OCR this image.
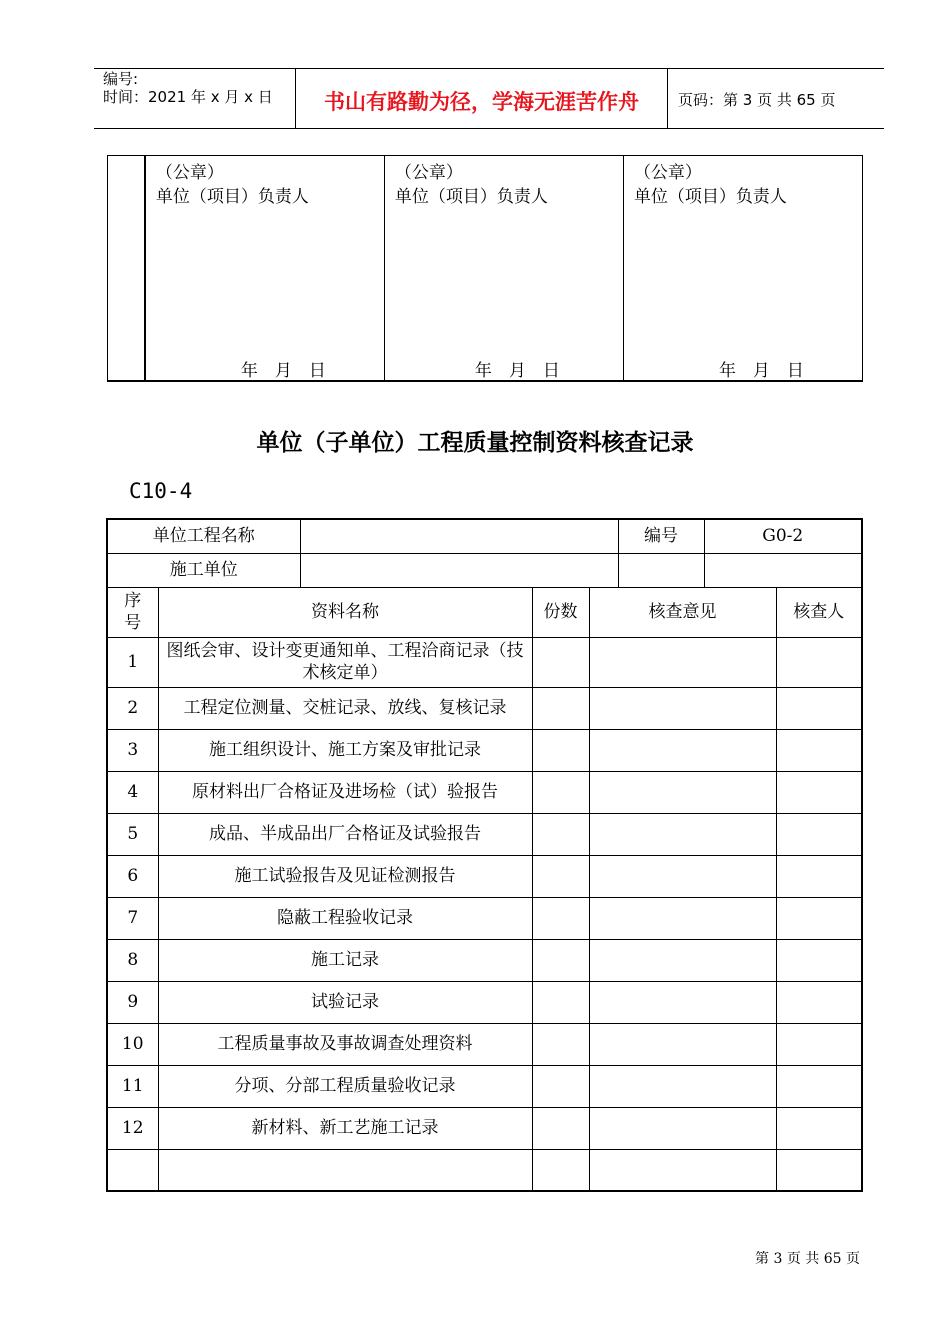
编号:
时间：2021 年 x 月 x 日	书山有路勤为径，学海无涯苦作舟	页码：第 3 页 共 65 页

（公章）
单位（项目）负责人
年　月　日

（公章）
单位（项目）负责人
年　月　日

（公章）
单位（项目）负责人
年　月　日
单位（子单位）工程质量控制资料核查记录
C10-4
单位工程名称					编号	G0-2	
施工单位							
序号	资料名称		份数	核查意见			核查人
1	图纸会审、设计变更通知单、工程洽商记录（技术核定单）						
2	工程定位测量、交桩记录、放线、复核记录						
3	施工组织设计、施工方案及审批记录						
4	原材料出厂合格证及进场检（试）验报告						
5	成品、半成品出厂合格证及试验报告						
6	施工试验报告及见证检测报告						
7	隐蔽工程验收记录						
8	施工记录						
9	试验记录						
10	工程质量事故及事故调查处理资料						
11	分项、分部工程质量验收记录						
12	新材料、新工艺施工记录						

第 3 页 共 65 页
